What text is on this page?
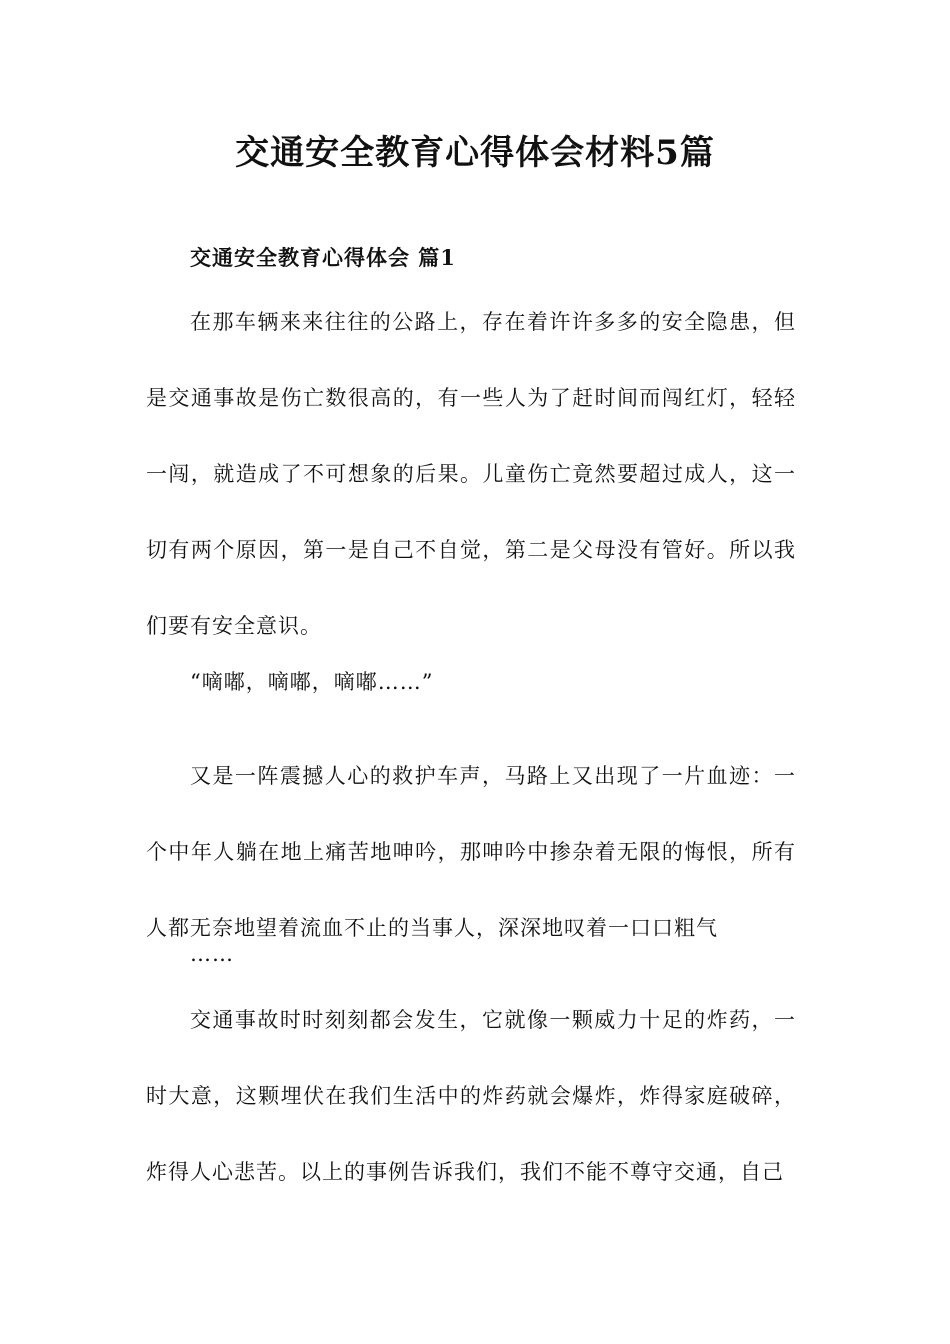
交通安全教育心得体会材料5篇
交通安全教育心得体会 篇1

在那车辆来来往往的公路上，存在着许许多多的安全隐患，但是交通事故是伤亡数很高的，有一些人为了赶时间而闯红灯，轻轻一闯，就造成了不可想象的后果。儿童伤亡竟然要超过成人，这一切有两个原因，第一是自己不自觉，第二是父母没有管好。所以我们要有安全意识。

“嘀嘟，嘀嘟，嘀嘟……”

又是一阵震撼人心的救护车声，马路上又出现了一片血迹：一个中年人躺在地上痛苦地呻吟，那呻吟中掺杂着无限的悔恨，所有人都无奈地望着流血不止的当事人，深深地叹着一口口粗气

……

交通事故时时刻刻都会发生，它就像一颗威力十足的炸药，一时大意，这颗埋伏在我们生活中的炸药就会爆炸，炸得家庭破碎，炸得人心悲苦。以上的事例告诉我们，我们不能不尊守交通，自己
